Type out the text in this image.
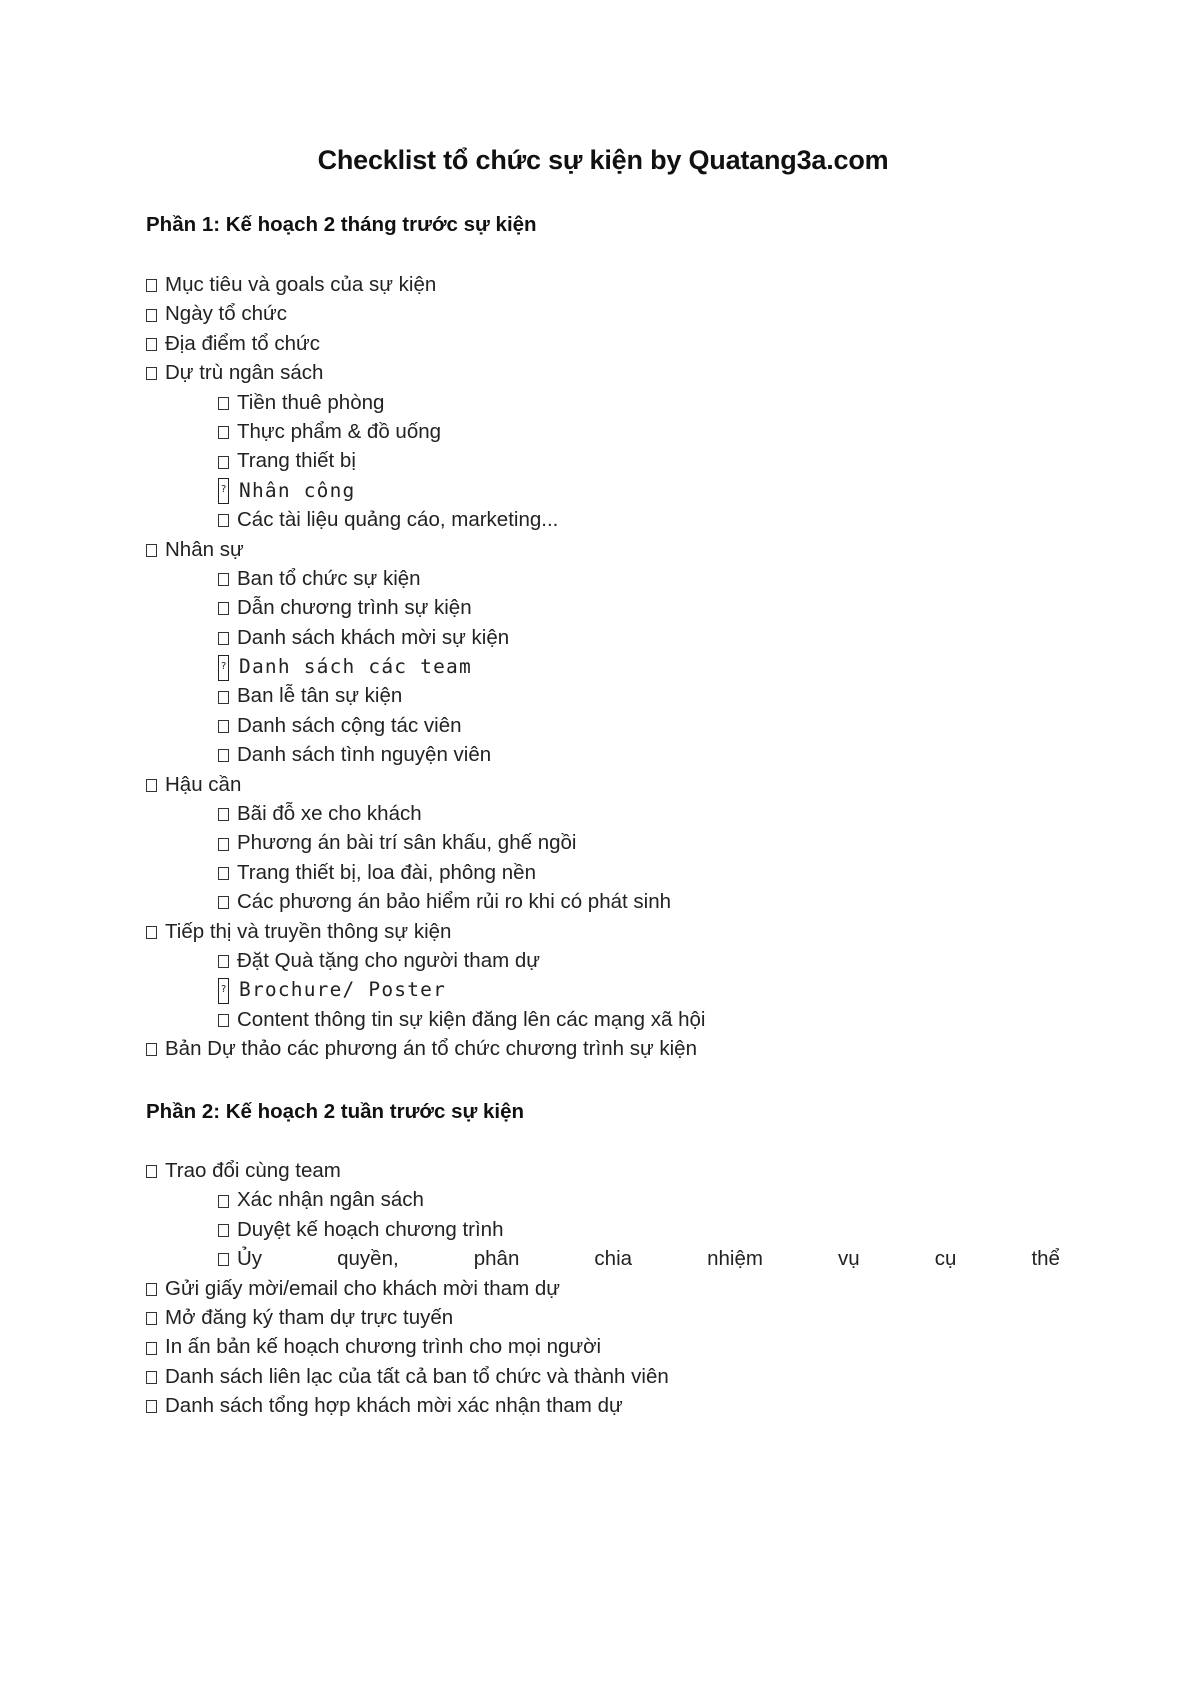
Checklist tổ chức sự kiện by Quatang3a.com
Phần 1: Kế hoạch 2 tháng trước sự kiện
Mục tiêu và goals của sự kiện
Ngày tổ chức
Địa điểm tổ chức
Dự trù ngân sách
Tiền thuê phòng
Thực phẩm & đồ uống
Trang thiết bị
? Nhân công
Các tài liệu quảng cáo, marketing...
Nhân sự
Ban tổ chức sự kiện
Dẫn chương trình sự kiện
Danh sách khách mời sự kiện
? Danh sách các team
Ban lễ tân sự kiện
Danh sách cộng tác viên
Danh sách tình nguyện viên
Hậu cần
Bãi đỗ xe cho khách
Phương án bài trí sân khấu, ghế ngồi
Trang thiết bị, loa đài, phông nền
Các phương án bảo hiểm rủi ro khi có phát sinh
Tiếp thị và truyền thông sự kiện
Đặt Quà tặng cho người tham dự
? Brochure/ Poster
Content thông tin sự kiện đăng lên các mạng xã hội
Bản Dự thảo các phương án tổ chức chương trình sự kiện
Phần 2: Kế hoạch 2 tuần trước sự kiện
Trao đổi cùng team
Xác nhận ngân sách
Duyệt kế hoạch chương trình
Ủy	quyền,	phân	chia	nhiệm	vụ	cụ	thể
Gửi giấy mời/email cho khách mời tham dự
Mở đăng ký tham dự trực tuyến
In ấn bản kế hoạch chương trình cho mọi người
Danh sách liên lạc của tất cả ban tổ chức và thành viên
Danh sách tổng hợp khách mời xác nhận tham dự
